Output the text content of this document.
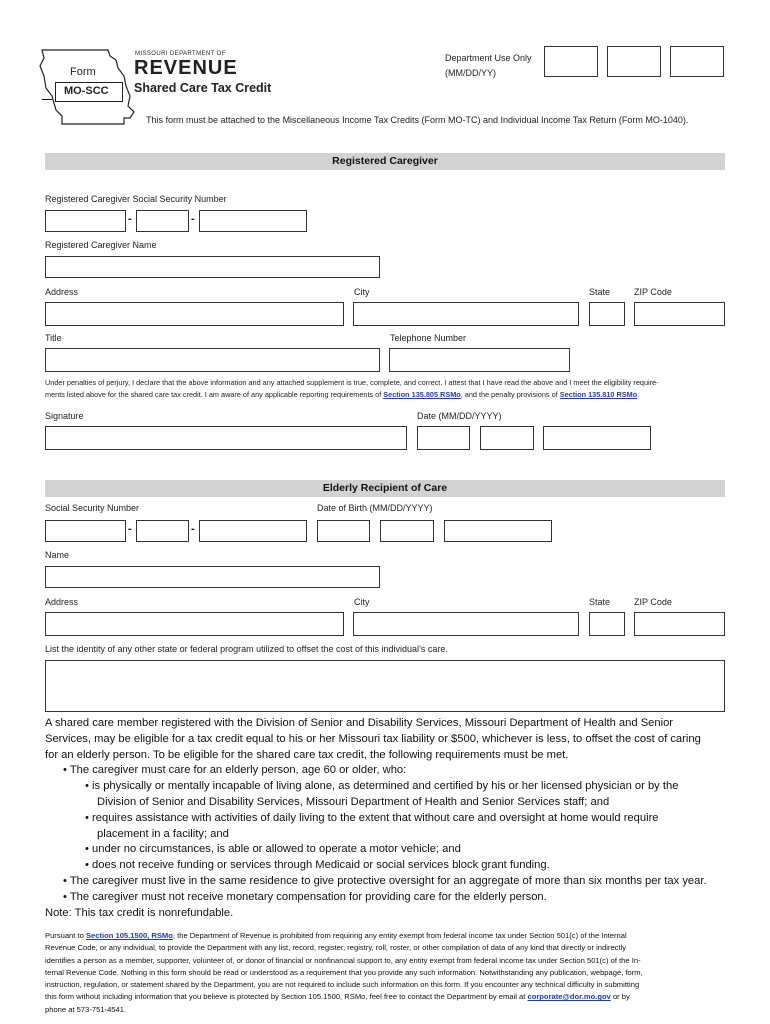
Form
MO-SCC
MISSOURI DEPARTMENT OF
REVENUE
Shared Care Tax Credit
Department Use Only
(MM/DD/YY)
This form must be attached to the Miscellaneous Income Tax Credits (Form MO-TC) and Individual Income Tax Return (Form MO-1040).
Registered Caregiver
Registered Caregiver Social Security Number
-	-
Registered Caregiver Name
Address	City	State	ZIP Code
Title	Telephone Number
Under penalties of perjury, I declare that the above information and any attached supplement is true, complete, and correct. I attest that I have read the above and I meet the eligibility require-
ments listed above for the shared care tax credit. I am aware of any applicable reporting requirements of Section 135.805 RSMo, and the penalty provisions of Section 135.810 RSMo.
Signature	Date (MM/DD/YYYY)
Elderly Recipient of Care
Social Security Number	Date of Birth (MM/DD/YYYY)
-	-
Name
Address	City	State	ZIP Code
List the identity of any other state or federal program utilized to offset the cost of this individual’s care.

A shared care member registered with the Division of Senior and Disability Services, Missouri Department of Health and Senior

Services, may be eligible for a tax credit equal to his or her Missouri tax liability or $500, whichever is less, to offset the cost of caring

for an elderly person. To be eligible for the shared care tax credit, the following requirements must be met.

• The caregiver must care for an elderly person, age 60 or older, who:

• is physically or mentally incapable of living alone, as determined and certified by his or her licensed physician or by the

Division of Senior and Disability Services, Missouri Department of Health and Senior Services staff; and

• requires assistance with activities of daily living to the extent that without care and oversight at home would require

placement in a facility; and

• under no circumstances, is able or allowed to operate a motor vehicle; and

• does not receive funding or services through Medicaid or social services block grant funding.

• The caregiver must live in the same residence to give protective oversight for an aggregate of more than six months per tax year.

• The caregiver must not receive monetary compensation for providing care for the elderly person.

Note: This tax credit is nonrefundable.

Pursuant to Section 105.1500, RSMo, the Department of Revenue is prohibited from requiring any entity exempt from federal income tax under Section 501(c) of the Internal
Revenue Code, or any individual, to provide the Department with any list, record, register, registry, roll, roster, or other compilation of data of any kind that directly or indirectly
identifies a person as a member, supporter, volunteer of, or donor of financial or nonfinancial support to, any entity exempt from federal income tax under Section 501(c) of the In-
ternal Revenue Code. Nothing in this form should be read or understood as a requirement that you provide any such information. Notwithstanding any publication, webpage, form,
instruction, regulation, or statement shared by the Department, you are not required to include such information on this form. If you encounter any technical difficulty in submitting
this form without including information that you believe is protected by Section 105.1500, RSMo, feel free to contact the Department by email at corporate@dor.mo.gov or by
phone at 573-751-4541.
